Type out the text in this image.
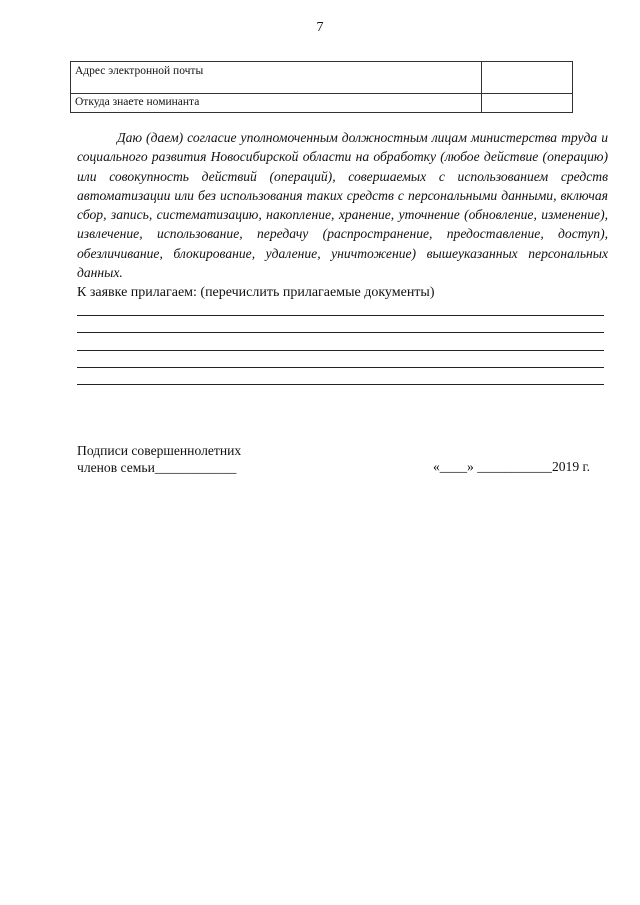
7
Адрес электронной почты	
Откуда знаете номинанта	

Даю (даем) согласие уполномоченным должностным лицам министерства труда и социального развития Новосибирской области на обработку (любое действие (операцию) или совокупность действий (операций), совершаемых с использованием средств автоматизации или без использования таких средств с персональными данными, включая сбор, запись, систематизацию, накопление, хранение, уточнение (обновление, изменение), извлечение, использование, передачу (распространение, предоставление, доступ), обезличивание, блокирование, удаление, уничтожение) вышеуказанных персональных данных.

К заявке прилагаем: (перечислить прилагаемые документы)
Подписи совершеннолетних
членов семьи____________	«____» ___________2019 г.
